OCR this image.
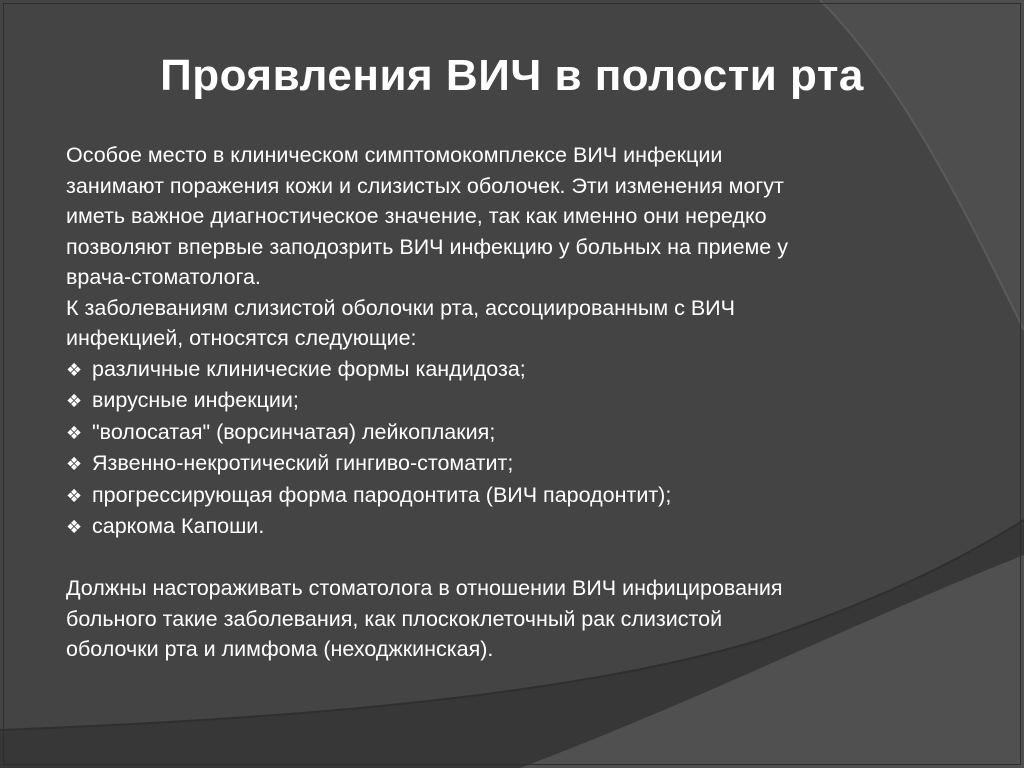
Проявления ВИЧ в полости рта

Особое место в клиническом симптомокомплексе ВИЧ инфекции
занимают поражения кожи и слизистых оболочек. Эти изменения могут
иметь важное диагностическое значение, так как именно они нередко
позволяют впервые заподозрить ВИЧ инфекцию у больных на приеме у
врача-стоматолога.

К заболеваниям слизистой оболочки рта, ассоциированным с ВИЧ
инфекцией, относятся следующие:

❖ различные клинические формы кандидоза;
❖ вирусные инфекции;
❖ "волосатая" (ворсинчатая) лейкоплакия;
❖ Язвенно-некротический гингиво-стоматит;
❖ прогрессирующая форма пародонтита (ВИЧ пародонтит);
❖ саркома Капоши.

Должны настораживать стоматолога в отношении ВИЧ инфицирования
больного такие заболевания, как плоскоклеточный рак слизистой
оболочки рта и лимфома (неходжкинская).
